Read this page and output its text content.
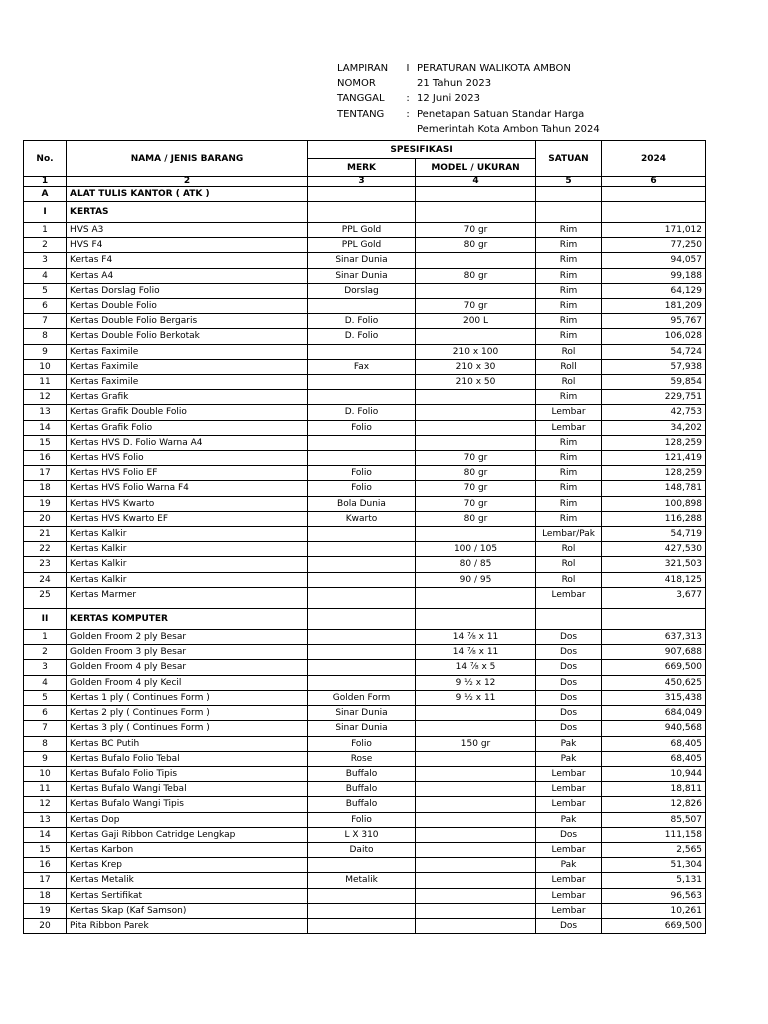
LAMPIRAN	I PERATURAN WALIKOTA AMBON
NOMOR	21 Tahun 2023
TANGGAL	: 12 Juni 2023
TENTANG	: Penetapan Satuan Standar Harga
Pemerintah Kota Ambon Tahun 2024
No.	NAMA / JENIS BARANG	SPESIFIKASI		SATUAN	2024
		MERK	MODEL / UKURAN		
1	2	3	4	5	6
A	ALAT TULIS KANTOR ( ATK )				
I	KERTAS				
1	HVS A3	PPL Gold	70 gr	Rim	171,012
2	HVS F4	PPL Gold	80 gr	Rim	77,250
3	Kertas F4	Sinar Dunia		Rim	94,057
4	Kertas A4	Sinar Dunia	80 gr	Rim	99,188
5	Kertas Dorslag Folio	Dorslag		Rim	64,129
6	Kertas Double Folio		70 gr	Rim	181,209
7	Kertas Double Folio Bergaris	D. Folio	200 L	Rim	95,767
8	Kertas Double Folio Berkotak	D. Folio		Rim	106,028
9	Kertas Faximile		210 x 100	Rol	54,724
10	Kertas Faximile	Fax	210 x 30	Roll	57,938
11	Kertas Faximile		210 x 50	Rol	59,854
12	Kertas Grafik			Rim	229,751
13	Kertas Grafik Double Folio	D. Folio		Lembar	42,753
14	Kertas Grafik Folio	Folio		Lembar	34,202
15	Kertas HVS D. Folio Warna A4			Rim	128,259
16	Kertas HVS Folio		70 gr	Rim	121,419
17	Kertas HVS Folio EF	Folio	80 gr	Rim	128,259
18	Kertas HVS Folio Warna F4	Folio	70 gr	Rim	148,781
19	Kertas HVS Kwarto	Bola Dunia	70 gr	Rim	100,898
20	Kertas HVS Kwarto EF	Kwarto	80 gr	Rim	116,288
21	Kertas Kalkir			Lembar/Pak	54,719
22	Kertas Kalkir		100 / 105	Rol	427,530
23	Kertas Kalkir		80 / 85	Rol	321,503
24	Kertas Kalkir		90 / 95	Rol	418,125
25	Kertas Marmer			Lembar	3,677

II	KERTAS KOMPUTER				
1	Golden Froom 2 ply Besar		14 ⁷⁄₈ x 11	Dos	637,313
2	Golden Froom 3 ply Besar		14 ⁷⁄₈ x 11	Dos	907,688
3	Golden Froom 4 ply Besar		14 ⁷⁄₈ x 5	Dos	669,500
4	Golden Froom 4 ply Kecil		9 ½ x 12	Dos	450,625
5	Kertas 1 ply ( Continues Form )	Golden Form	9 ½ x 11	Dos	315,438
6	Kertas 2 ply ( Continues Form )	Sinar Dunia		Dos	684,049
7	Kertas 3 ply ( Continues Form )	Sinar Dunia		Dos	940,568
8	Kertas BC Putih	Folio	150 gr	Pak	68,405
9	Kertas Bufalo Folio Tebal	Rose		Pak	68,405
10	Kertas Bufalo Folio Tipis	Buffalo		Lembar	10,944
11	Kertas Bufalo Wangi Tebal	Buffalo		Lembar	18,811
12	Kertas Bufalo Wangi Tipis	Buffalo		Lembar	12,826
13	Kertas Dop	Folio		Pak	85,507
14	Kertas Gaji Ribbon Catridge Lengkap	L X 310		Dos	111,158
15	Kertas Karbon	Daito		Lembar	2,565
16	Kertas Krep			Pak	51,304
17	Kertas Metalik	Metalik		Lembar	5,131
18	Kertas Sertifikat			Lembar	96,563
19	Kertas Skap (Kaf Samson)			Lembar	10,261
20	Pita Ribbon Parek			Dos	669,500
